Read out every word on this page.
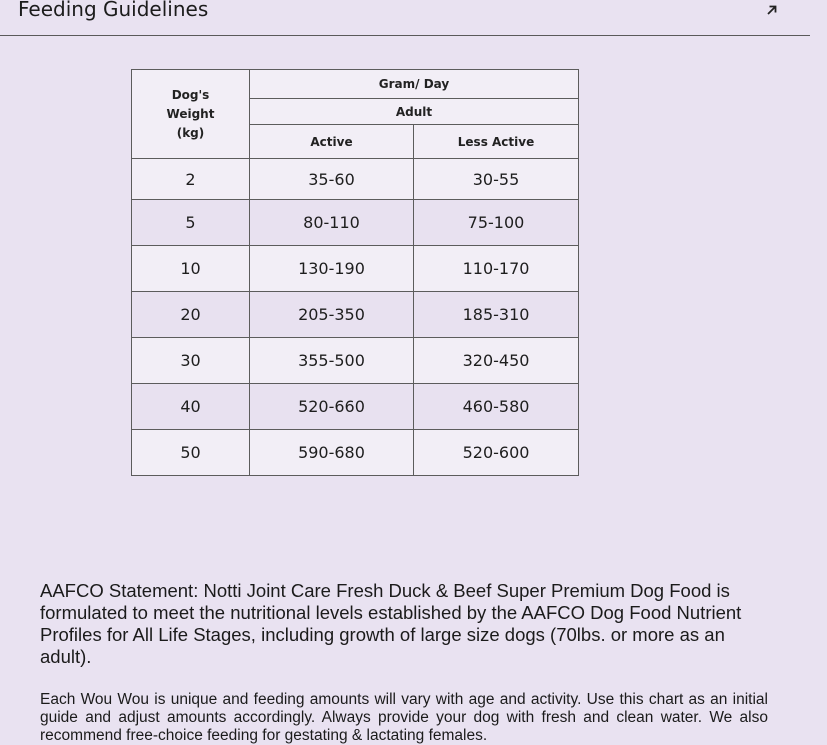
Feeding Guidelines
Dog's
Weight
(kg)	Gram/ Day	
	Adult	
	Active	Less Active
2	35-60	30-55
5	80-110	75-100
10	130-190	110-170
20	205-350	185-310
30	355-500	320-450
40	520-660	460-580
50	590-680	520-600

AAFCO Statement: Notti Joint Care Fresh Duck & Beef Super Premium Dog Food is formulated to meet the nutritional levels established by the AAFCO Dog Food Nutrient Profiles for All Life Stages, including growth of large size dogs (70lbs. or more as an adult).

Each Wou Wou is unique and feeding amounts will vary with age and activity. Use this chart as an initial guide and adjust amounts accordingly. Always provide your dog with fresh and clean water. We also recommend free-choice feeding for gestating & lactating females.
